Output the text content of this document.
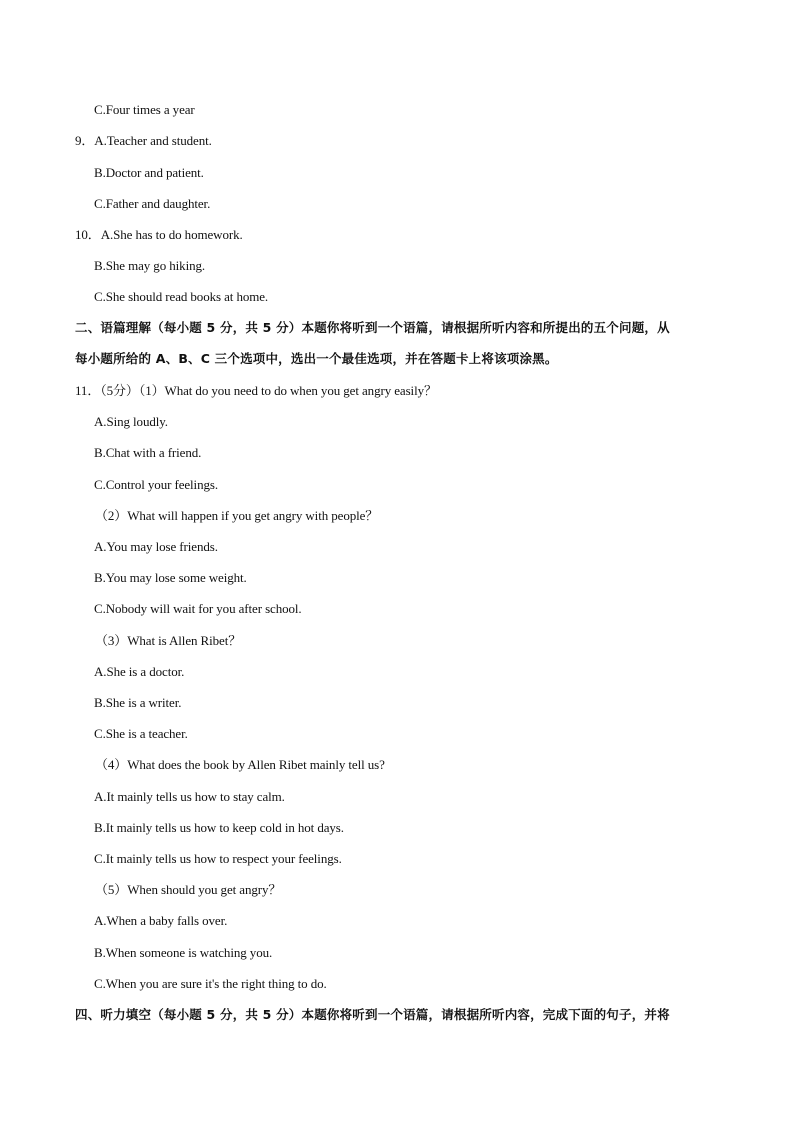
C.Four times a year
9．A.Teacher and student.
B.Doctor and patient.
C.Father and daughter.
10．A.She has to do homework.
B.She may go hiking.
C.She should read books at home.
二、语篇理解（每小题 5 分，共 5 分）本题你将听到一个语篇，请根据所听内容和所提出的五个问题，从
每小题所给的 A、B、C 三个选项中，选出一个最佳选项，并在答题卡上将该项涂黑。
11．（5分）（1）What do you need to do when you get angry easily？
A.Sing loudly.
B.Chat with a friend.
C.Control your feelings.
（2）What will happen if you get angry with people？
A.You may lose friends.
B.You may lose some weight.
C.Nobody will wait for you after school.
（3）What is Allen Ribet？
A.She is a doctor.
B.She is a writer.
C.She is a teacher.
（4）What does the book by Allen Ribet mainly tell us?
A.It mainly tells us how to stay calm.
B.It mainly tells us how to keep cold in hot days.
C.It mainly tells us how to respect your feelings.
（5）When should you get angry？
A.When a baby falls over.
B.When someone is watching you.
C.When you are sure it's the right thing to do.
四、听力填空（每小题 5 分，共 5 分）本题你将听到一个语篇，请根据所听内容，完成下面的句子，并将
